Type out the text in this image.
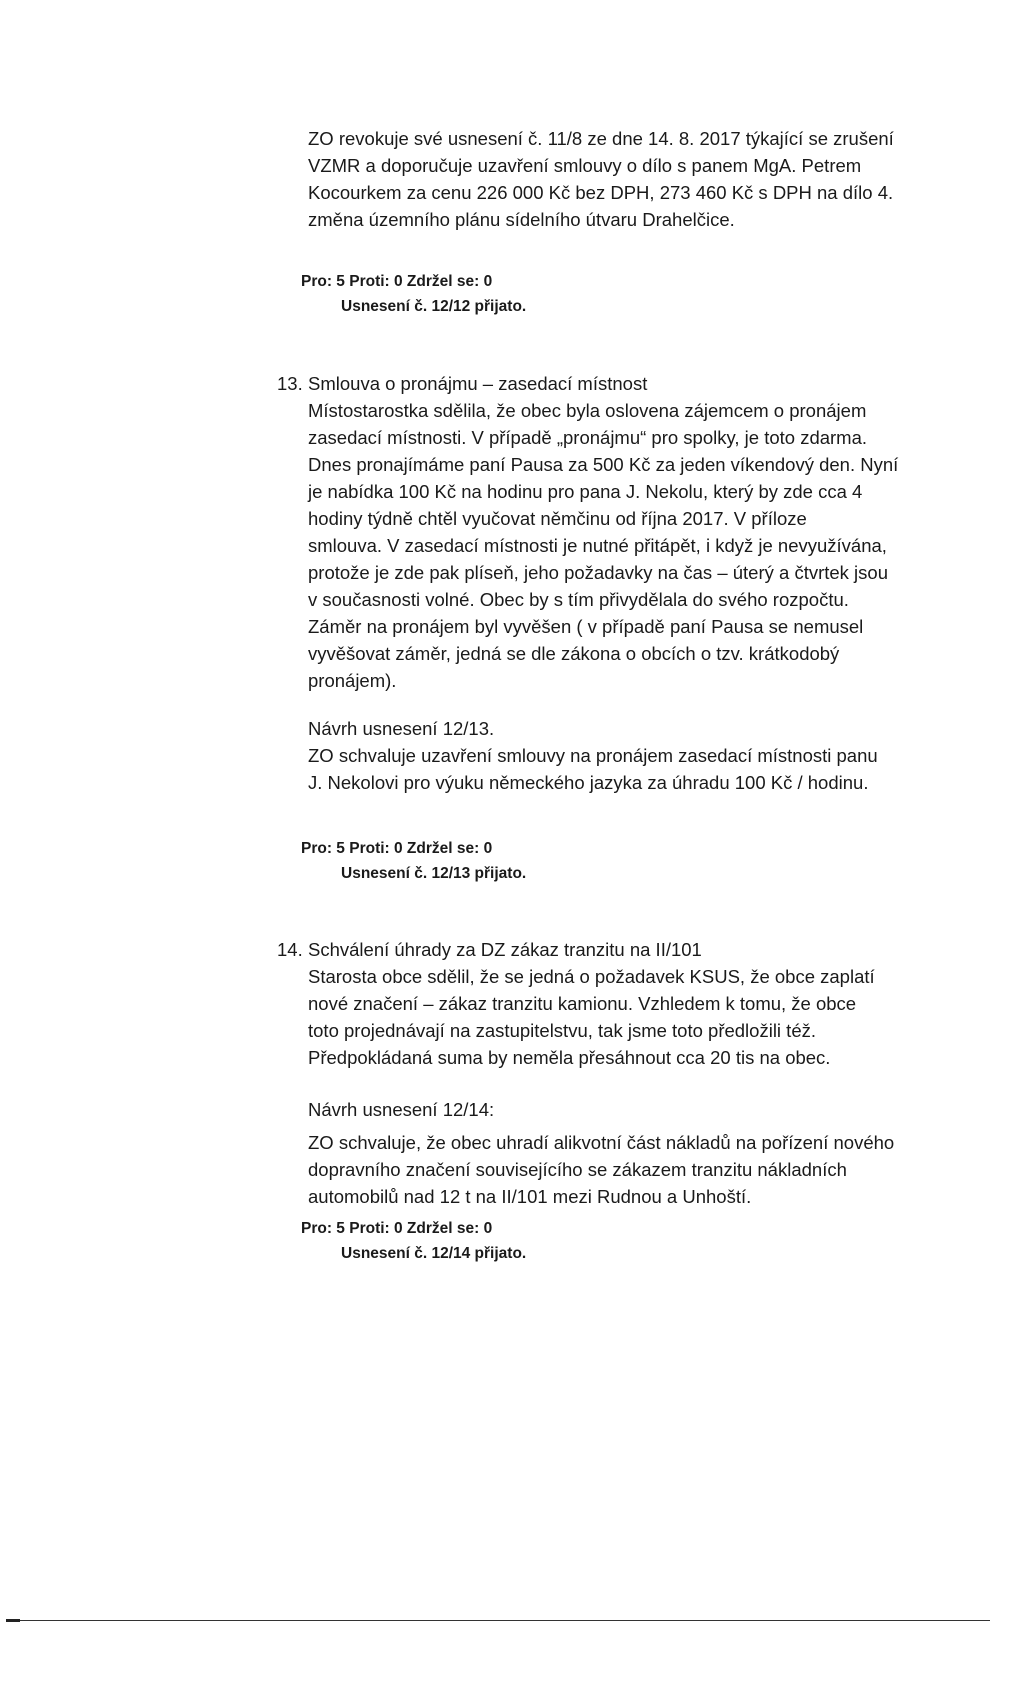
ZO revokuje své usnesení č. 11/8 ze dne 14. 8. 2017 týkající se zrušení
VZMR a doporučuje uzavření smlouvy o dílo s panem MgA. Petrem
Kocourkem za cenu 226 000 Kč bez DPH, 273 460 Kč s DPH na dílo 4.
změna územního plánu sídelního útvaru Drahelčice.
Pro: 5 Proti: 0 Zdržel se: 0
Usnesení č. 12/12 přijato.
13. Smlouva o pronájmu – zasedací místnost
Místostarostka sdělila, že obec byla oslovena zájemcem o pronájem
zasedací místnosti. V případě „pronájmu“ pro spolky, je toto zdarma.
Dnes pronajímáme paní Pausa za 500 Kč za jeden víkendový den. Nyní
je nabídka 100 Kč na hodinu pro pana J. Nekolu, který by zde cca 4
hodiny týdně chtěl vyučovat němčinu od října 2017. V příloze
smlouva. V zasedací místnosti je nutné přitápět, i když je nevyužívána,
protože je zde pak plíseň, jeho požadavky na čas – úterý a čtvrtek jsou
v současnosti volné. Obec by s tím přivydělala do svého rozpočtu.
Záměr na pronájem byl vyvěšen ( v případě paní Pausa se nemusel
vyvěšovat záměr, jedná se dle zákona o obcích o tzv. krátkodobý
pronájem).
Návrh usnesení 12/13.
ZO schvaluje uzavření smlouvy na pronájem zasedací místnosti panu
J. Nekolovi pro výuku německého jazyka za úhradu 100 Kč / hodinu.
Pro: 5 Proti: 0 Zdržel se: 0
Usnesení č. 12/13 přijato.
14. Schválení úhrady za DZ zákaz tranzitu na II/101
Starosta obce sdělil, že se jedná o požadavek KSUS, že obce zaplatí
nové značení – zákaz tranzitu kamionu. Vzhledem k tomu, že obce
toto projednávají na zastupitelstvu, tak jsme toto předložili též.
Předpokládaná suma by neměla přesáhnout cca 20 tis na obec.
Návrh usnesení 12/14:
ZO schvaluje, že obec uhradí alikvotní část nákladů na pořízení nového
dopravního značení souvisejícího se zákazem tranzitu nákladních
automobilů nad 12 t na II/101 mezi Rudnou a Unhoští.
Pro: 5 Proti: 0 Zdržel se: 0
Usnesení č. 12/14 přijato.
